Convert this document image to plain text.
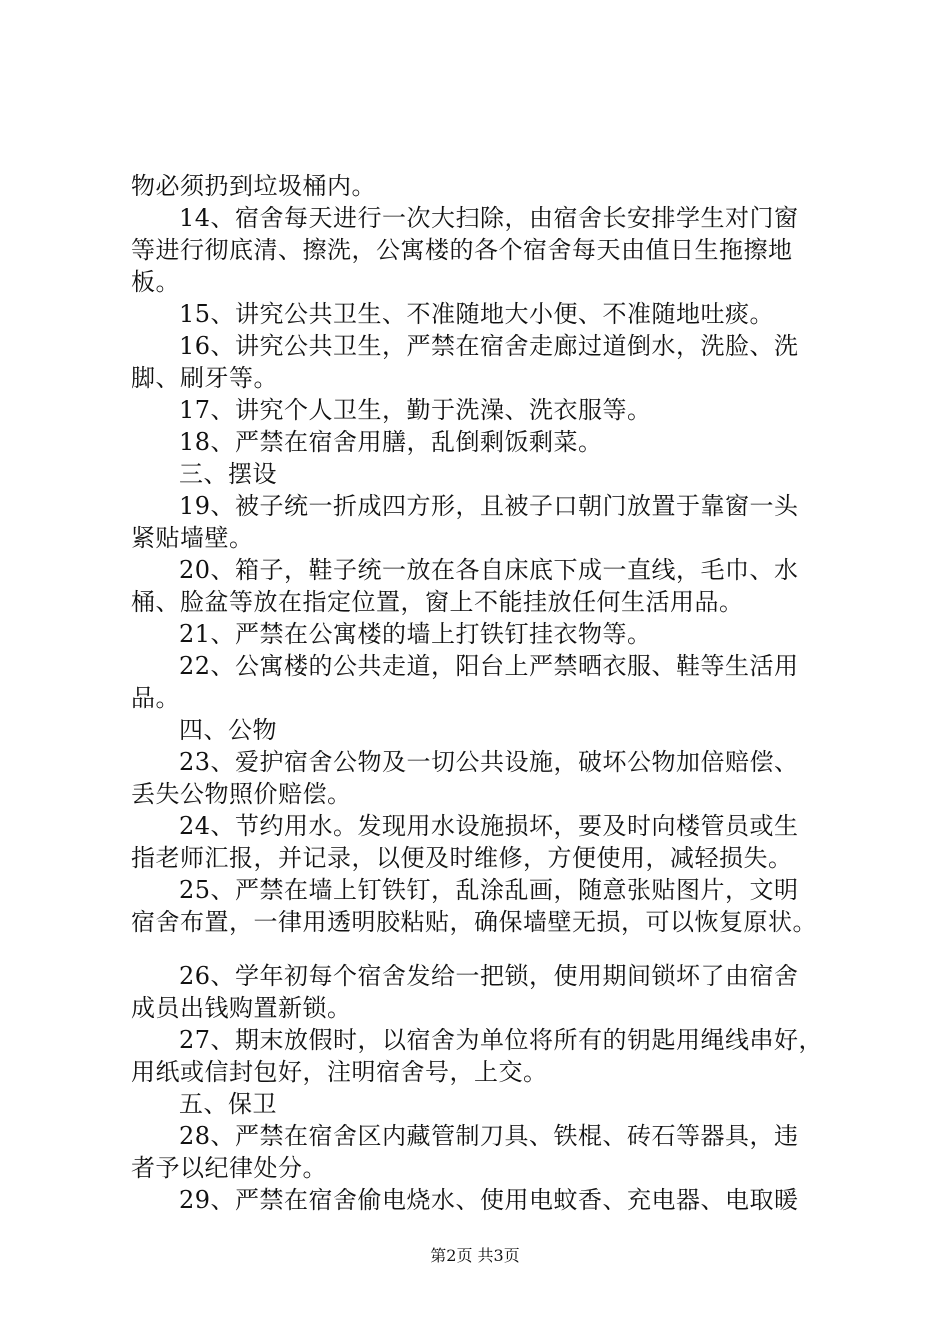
物必须扔到垃圾桶内。
14、宿舍每天进行一次大扫除，由宿舍长安排学生对门窗
等进行彻底清、擦洗，公寓楼的各个宿舍每天由值日生拖擦地
板。
15、讲究公共卫生、不准随地大小便、不准随地吐痰。
16、讲究公共卫生，严禁在宿舍走廊过道倒水，洗脸、洗
脚、刷牙等。
17、讲究个人卫生，勤于洗澡、洗衣服等。
18、严禁在宿舍用膳，乱倒剩饭剩菜。
三、摆设
19、被子统一折成四方形，且被子口朝门放置于靠窗一头
紧贴墙壁。
20、箱子，鞋子统一放在各自床底下成一直线，毛巾、水
桶、脸盆等放在指定位置，窗上不能挂放任何生活用品。
21、严禁在公寓楼的墙上打铁钉挂衣物等。
22、公寓楼的公共走道，阳台上严禁晒衣服、鞋等生活用
品。
四、公物
23、爱护宿舍公物及一切公共设施，破坏公物加倍赔偿、
丢失公物照价赔偿。
24、节约用水。发现用水设施损坏，要及时向楼管员或生
指老师汇报，并记录，以便及时维修，方便使用，减轻损失。
25、严禁在墙上钉铁钉，乱涂乱画，随意张贴图片，文明
宿舍布置，一律用透明胶粘贴，确保墙壁无损，可以恢复原状。
26、学年初每个宿舍发给一把锁，使用期间锁坏了由宿舍
成员出钱购置新锁。
27、期末放假时，以宿舍为单位将所有的钥匙用绳线串好，
用纸或信封包好，注明宿舍号，上交。
五、保卫
28、严禁在宿舍区内藏管制刀具、铁棍、砖石等器具，违
者予以纪律处分。
29、严禁在宿舍偷电烧水、使用电蚊香、充电器、电取暖
第2页 共3页
